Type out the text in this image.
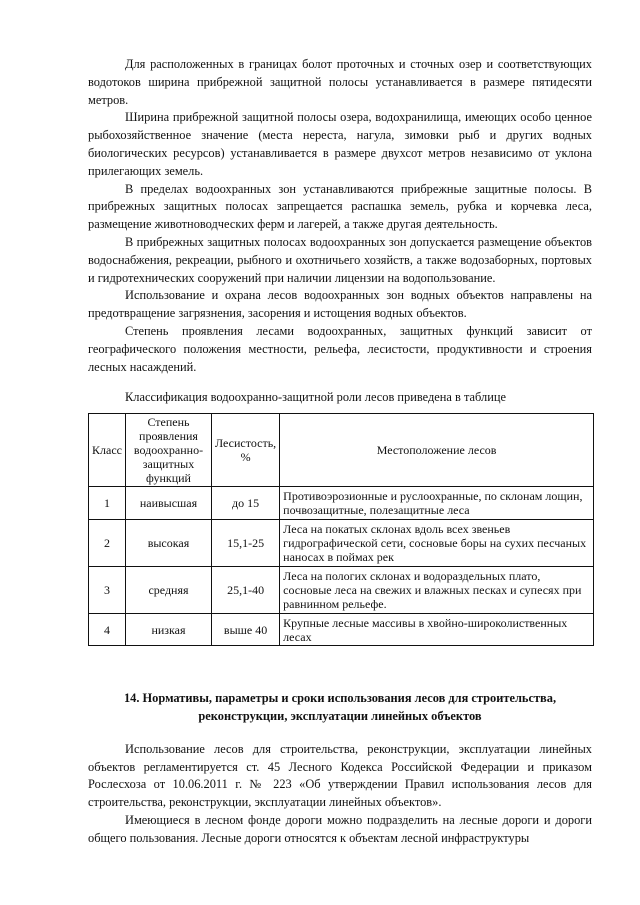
Для расположенных в границах болот проточных и сточных озер и соответствующих водотоков ширина прибрежной защитной полосы устанавливается в размере пятидесяти метров.

Ширина прибрежной защитной полосы озера, водохранилища, имеющих особо ценное рыбохозяйственное значение (места нереста, нагула, зимовки рыб и других водных биологических ресурсов) устанавливается в размере двухсот метров независимо от уклона прилегающих земель.

В пределах водоохранных зон устанавливаются прибрежные защитные полосы. В прибрежных защитных полосах запрещается распашка земель, рубка и корчевка леса, размещение животноводческих ферм и лагерей, а также другая деятельность.

В прибрежных защитных полосах водоохранных зон допускается размещение объектов водоснабжения, рекреации, рыбного и охотничьего хозяйств, а также водозаборных, портовых и гидротехнических сооружений при наличии лицензии на водопользование.

Использование и охрана лесов водоохранных зон водных объектов направлены на предотвращение загрязнения, засорения и истощения водных объектов.

Степень проявления лесами водоохранных, защитных функций зависит от географического положения местности, рельефа, лесистости, продуктивности и строения лесных насаждений.

Классификация водоохранно-защитной роли лесов приведена в таблице
Класс	Степень проявления водоохранно-защитных функций	Лесистость, %	Местоположение лесов
1	наивысшая	до 15	Противоэрозионные и руслоохранные, по склонам лощин, почвозащитные, полезащитные леса
2	высокая	15,1-25	Леса на покатых склонах вдоль всех звеньев гидрографической сети, сосновые боры на сухих песчаных наносах в поймах рек
3	средняя	25,1-40	Леса на пологих склонах и водораздельных плато, сосновые леса на свежих и влажных песках и супесях при равнинном рельефе.
4	низкая	выше 40	Крупные лесные массивы в хвойно-широколиственных лесах
14. Нормативы, параметры и сроки использования лесов для строительства, реконструкции, эксплуатации линейных объектов

Использование лесов для строительства, реконструкции, эксплуатации линейных объектов регламентируется ст. 45 Лесного Кодекса Российской Федерации и приказом Рослесхоза от 10.06.2011 г. № 223 «Об утверждении Правил использования лесов для строительства, реконструкции, эксплуатации линейных объектов».

Имеющиеся в лесном фонде дороги можно подразделить на лесные дороги и дороги общего пользования. Лесные дороги относятся к объектам лесной инфраструктуры
